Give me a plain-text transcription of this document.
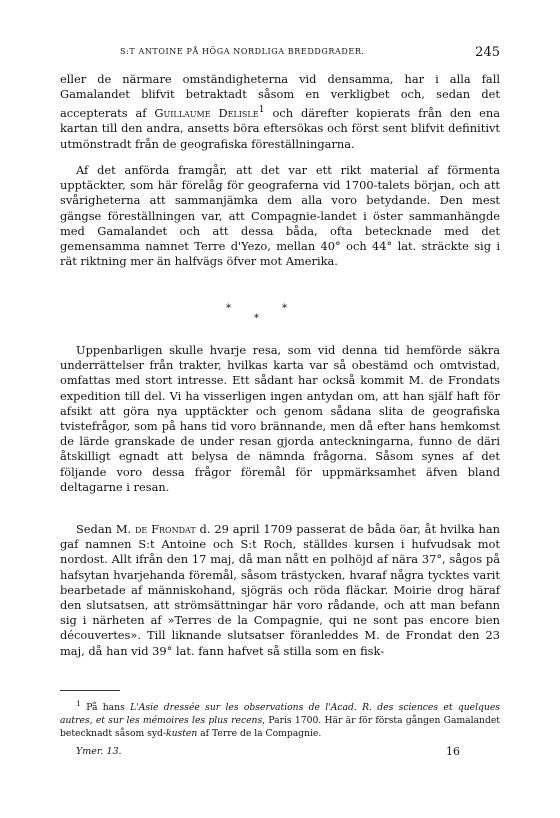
S:T ANTOINE PÅ HÖGA NORDLIGA BREDDGRADER.	245

eller de närmare omständigheterna vid densamma, har i alla fall Gamalandet blifvit betraktadt såsom en verkligbet och, sedan det accepterats af Guillaume Delisle$^1$ och därefter kopierats från den ena kartan till den andra, ansetts böra eftersökas och först sent blifvit definitivt utmönstradt från de geografiska föreställningarna.

Af det anförda framgår, att det var ett rikt material af förmenta upptäckter, som här förelåg för geograferna vid 1700-talets början, och att svårigheterna att sammanjämka dem alla voro betydande. Den mest gängse föreställningen var, att Compagnie-landet i öster sammanhängde med Gamalandet och att dessa båda, ofta betecknade med det gemensamma namnet Terre d'Yezo, mellan 40° och 44° lat. sträckte sig i rät riktning mer än halfvägs öfver mot Amerika.

*
*
*

Uppenbarligen skulle hvarje resa, som vid denna tid hemförde säkra underrättelser från trakter, hvilkas karta var så obestämd och omtvistad, omfattas med stort intresse. Ett sådant har också kommit M. de Frondats expedition till del. Vi ha visserligen ingen antydan om, att han själf haft för afsikt att göra nya upptäckter och genom sådana slita de geografiska tvistefrågor, som på hans tid voro brännande, men då efter hans hemkomst de lärde granskade de under resan gjorda anteckningarna, funno de däri åtskilligt egnadt att belysa de nämnda frågorna. Såsom synes af det följande voro dessa frågor föremål för uppmärksamhet äfven bland deltagarne i resan.

Sedan M. de Frondat d. 29 april 1709 passerat de båda öar, åt hvilka han gaf namnen S:t Antoine och S:t Roch, ställdes kursen i hufvudsak mot nordost. Allt ifrån den 17 maj, då man nått en polhöjd af nära 37°, sågos på hafsytan hvarjehanda föremål, såsom trästycken, hvaraf några tycktes varit bearbetade af människohand, sjögräs och röda fläckar. Moirie drog häraf den slutsatsen, att strömsättningar här voro rådande, och att man befann sig i närheten af »Terres de la Compagnie, qui ne sont pas encore bien découvertes». Till liknande slutsatser föranleddes M. de Frondat den 23 maj, då han vid 39° lat. fann hafvet så stilla som en fisk-

$^1$ På hans L'Asie dressée sur les observations de l'Acad. R. des sciences et quelques autres, et sur les mémoires les plus recens, Paris 1700. Här är för första gången Gamalandet betecknadt såsom syd-kusten af Terre de la Compagnie.
Ymer. 13.	16
